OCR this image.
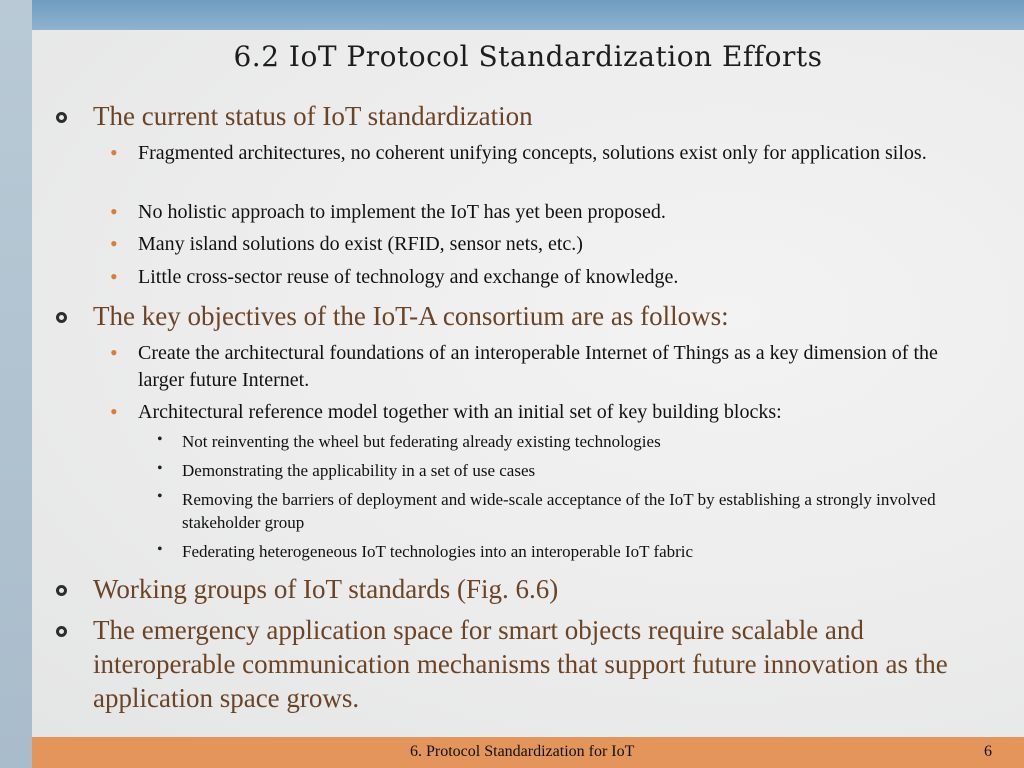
6.2 IoT Protocol Standardization Efforts
The current status of IoT standardization
• Fragmented architectures, no coherent unifying concepts, solutions exist only for application silos.
• No holistic approach to implement the IoT has yet been proposed.
• Many island solutions do exist (RFID, sensor nets, etc.)
• Little cross-sector reuse of technology and exchange of knowledge.
The key objectives of the IoT-A consortium are as follows:
• Create the architectural foundations of an interoperable Internet of Things as a key dimension of the larger future Internet.
• Architectural reference model together with an initial set of key building blocks:
• Not reinventing the wheel but federating already existing technologies
• Demonstrating the applicability in a set of use cases
• Removing the barriers of deployment and wide-scale acceptance of the IoT by establishing a strongly involved stakeholder group
• Federating heterogeneous IoT technologies into an interoperable IoT fabric
Working groups of IoT standards (Fig. 6.6)
The emergency application space for smart objects require scalable and interoperable communication mechanisms that support future innovation as the application space grows.
6. Protocol Standardization for IoT	6
